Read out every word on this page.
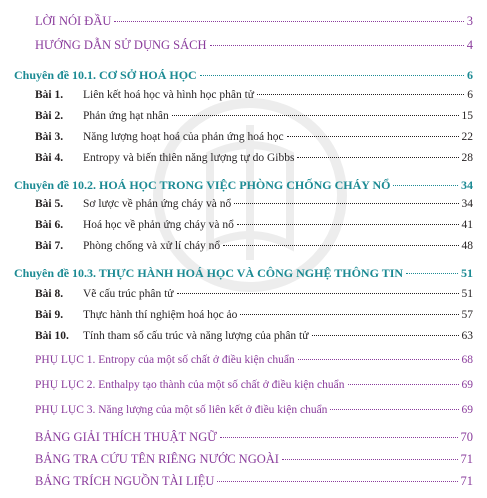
LỜI NÓI ĐẦU	3
HƯỚNG DẪN SỬ DỤNG SÁCH	4
Chuyên đề 10.1. CƠ SỞ HOÁ HỌC	6
Bài 1.	Liên kết hoá học và hình học phân tử	6
Bài 2.	Phản ứng hạt nhân	15
Bài 3.	Năng lượng hoạt hoá của phản ứng hoá học	22
Bài 4.	Entropy và biến thiên năng lượng tự do Gibbs	28
Chuyên đề 10.2. HOÁ HỌC TRONG VIỆC PHÒNG CHỐNG CHÁY NỔ	34
Bài 5.	Sơ lược về phản ứng cháy và nổ	34
Bài 6.	Hoá học về phản ứng cháy và nổ	41
Bài 7.	Phòng chống và xử lí cháy nổ	48
Chuyên đề 10.3. THỰC HÀNH HOÁ HỌC VÀ CÔNG NGHỆ THÔNG TIN	51
Bài 8.	Vẽ cấu trúc phân tử	51
Bài 9.	Thực hành thí nghiệm hoá học ảo	57
Bài 10.	Tính tham số cấu trúc và năng lượng của phân tử	63
PHỤ LỤC 1. Entropy của một số chất ở điều kiện chuẩn	68
PHỤ LỤC 2. Enthalpy tạo thành của một số chất ở điều kiện chuẩn	69
PHỤ LỤC 3. Năng lượng của một số liên kết ở điều kiện chuẩn	69
BẢNG GIẢI THÍCH THUẬT NGỮ	70
BẢNG TRA CỨU TÊN RIÊNG NƯỚC NGOÀI	71
BẢNG TRÍCH NGUỒN TÀI LIỆU	71
